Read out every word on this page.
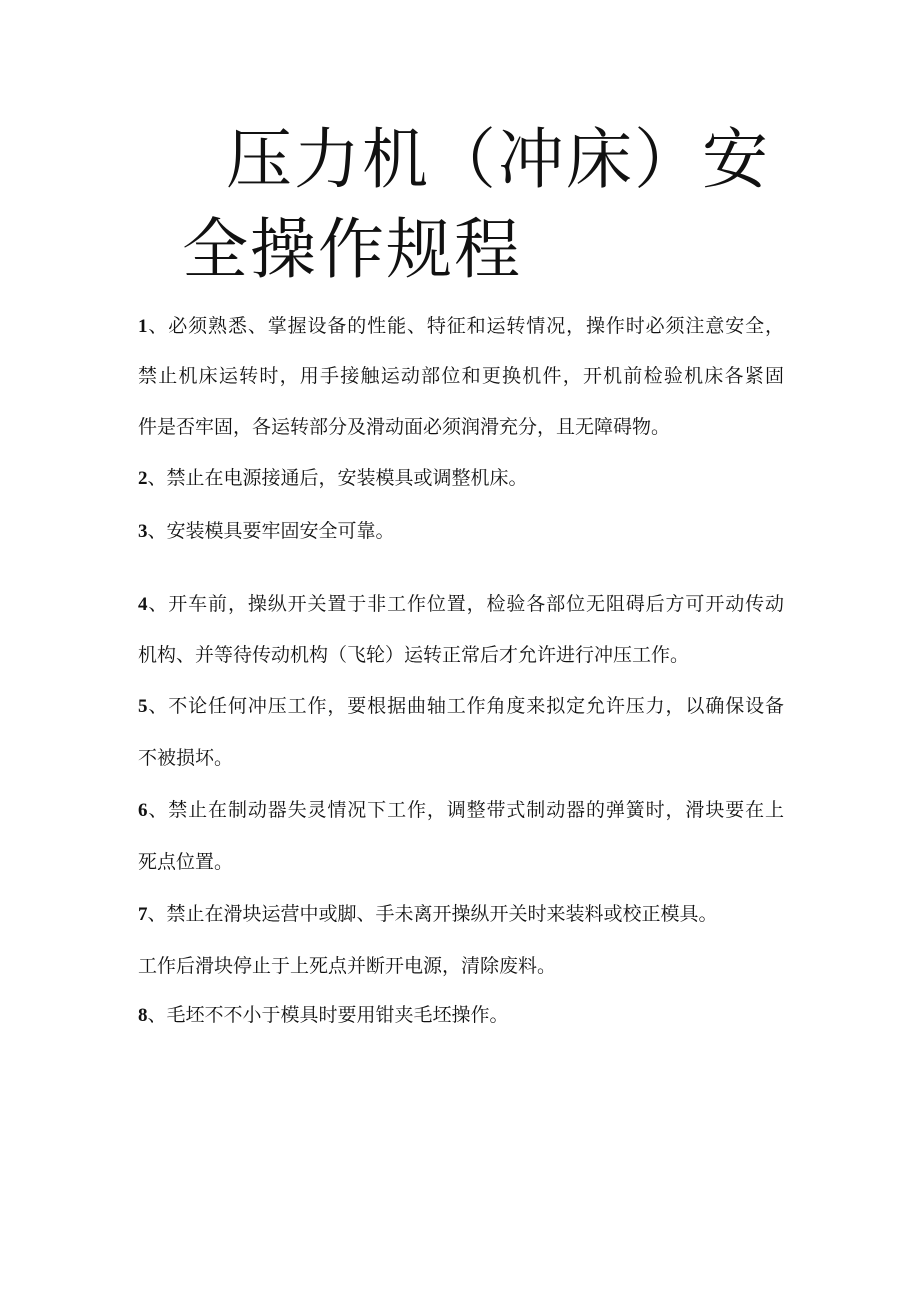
压力机（冲床）安
全操作规程
1、必须熟悉、掌握设备的性能、特征和运转情况，操作时必须注意安全，
禁止机床运转时，用手接触运动部位和更换机件，开机前检验机床各紧固
件是否牢固，各运转部分及滑动面必须润滑充分，且无障碍物。
2、禁止在电源接通后，安装模具或调整机床。
3、安装模具要牢固安全可靠。
4、开车前，操纵开关置于非工作位置，检验各部位无阻碍后方可开动传动
机构、并等待传动机构（飞轮）运转正常后才允许进行冲压工作。
5、不论任何冲压工作，要根据曲轴工作角度来拟定允许压力，以确保设备
不被损坏。
6、禁止在制动器失灵情况下工作，调整带式制动器的弹簧时，滑块要在上
死点位置。
7、禁止在滑块运营中或脚、手未离开操纵开关时来装料或校正模具。
工作后滑块停止于上死点并断开电源，清除废料。
8、毛坯不不小于模具时要用钳夹毛坯操作。
